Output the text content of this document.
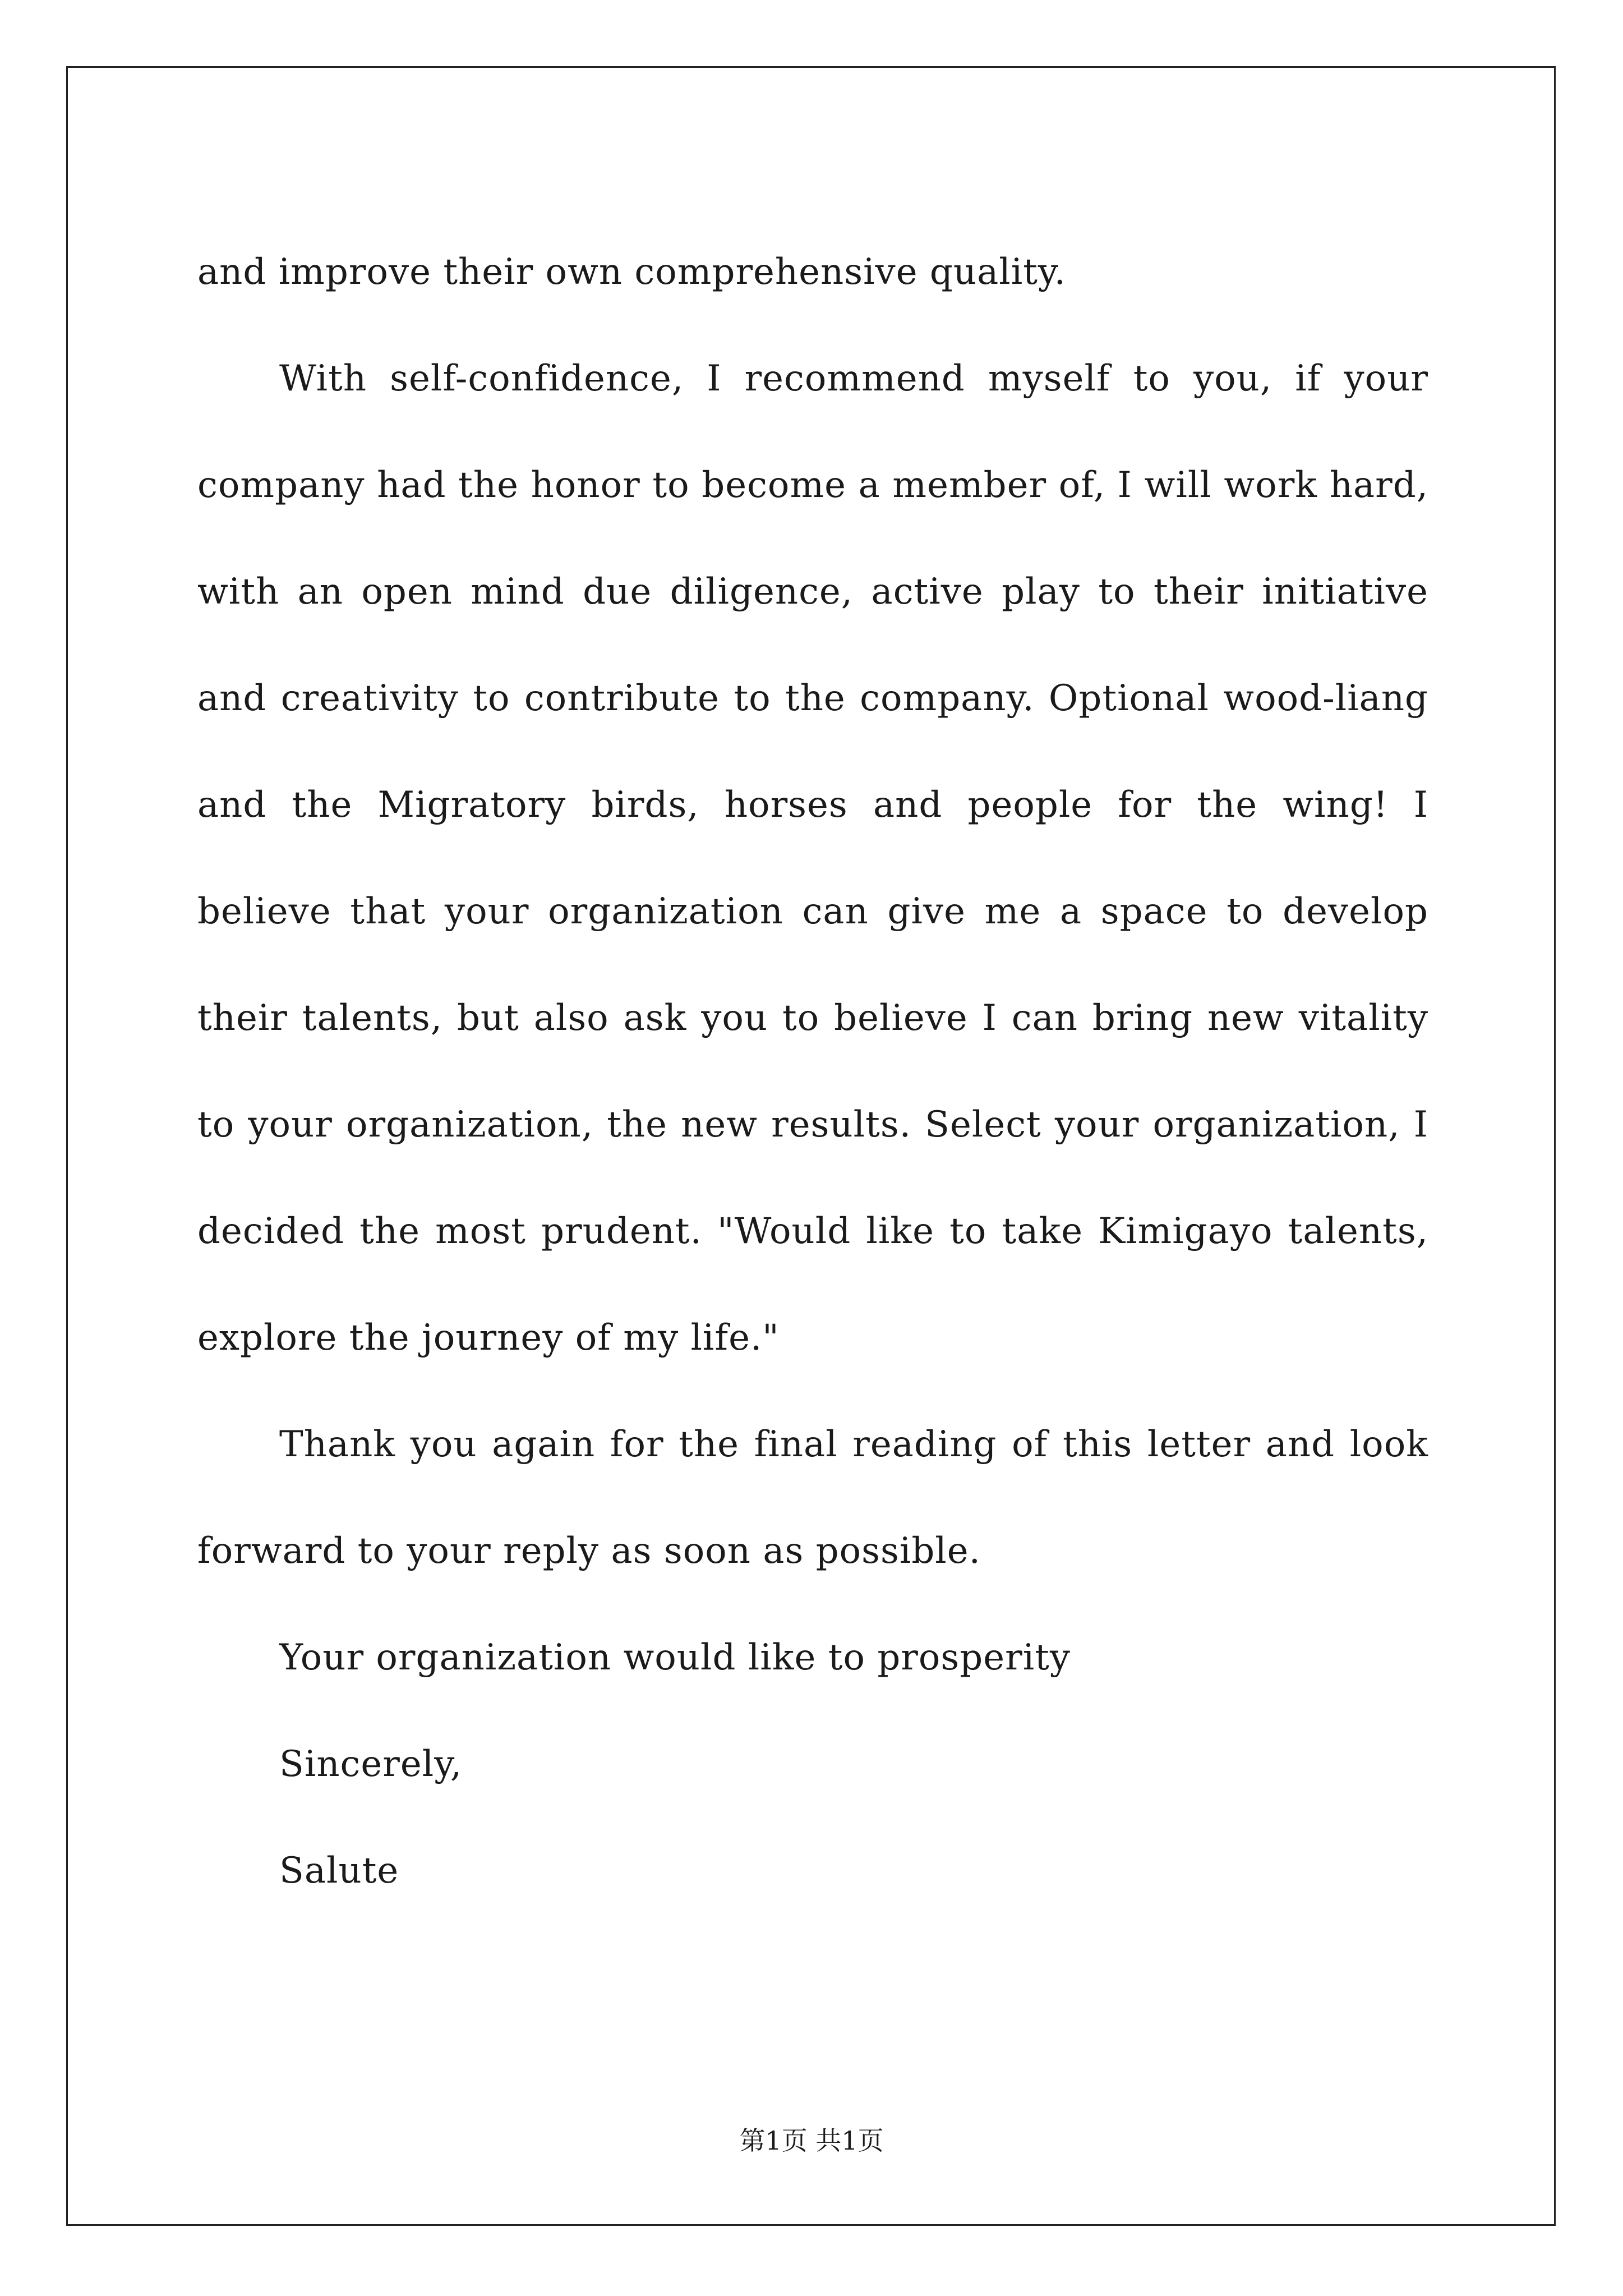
and improve their own comprehensive quality.

With self-confidence, I recommend myself to you, if your company had the honor to become a member of, I will work hard, with an open mind due diligence, active play to their initiative and creativity to contribute to the company. Optional wood-liang and the Migratory birds, horses and people for the wing! I believe that your organization can give me a space to develop their talents, but also ask you to believe I can bring new vitality to your organization, the new results. Select your organization, I decided the most prudent. "Would like to take Kimigayo talents, explore the journey of my life."

Thank you again for the final reading of this letter and look forward to your reply as soon as possible.

Your organization would like to prosperity

Sincerely,

Salute

第1页 共1页
